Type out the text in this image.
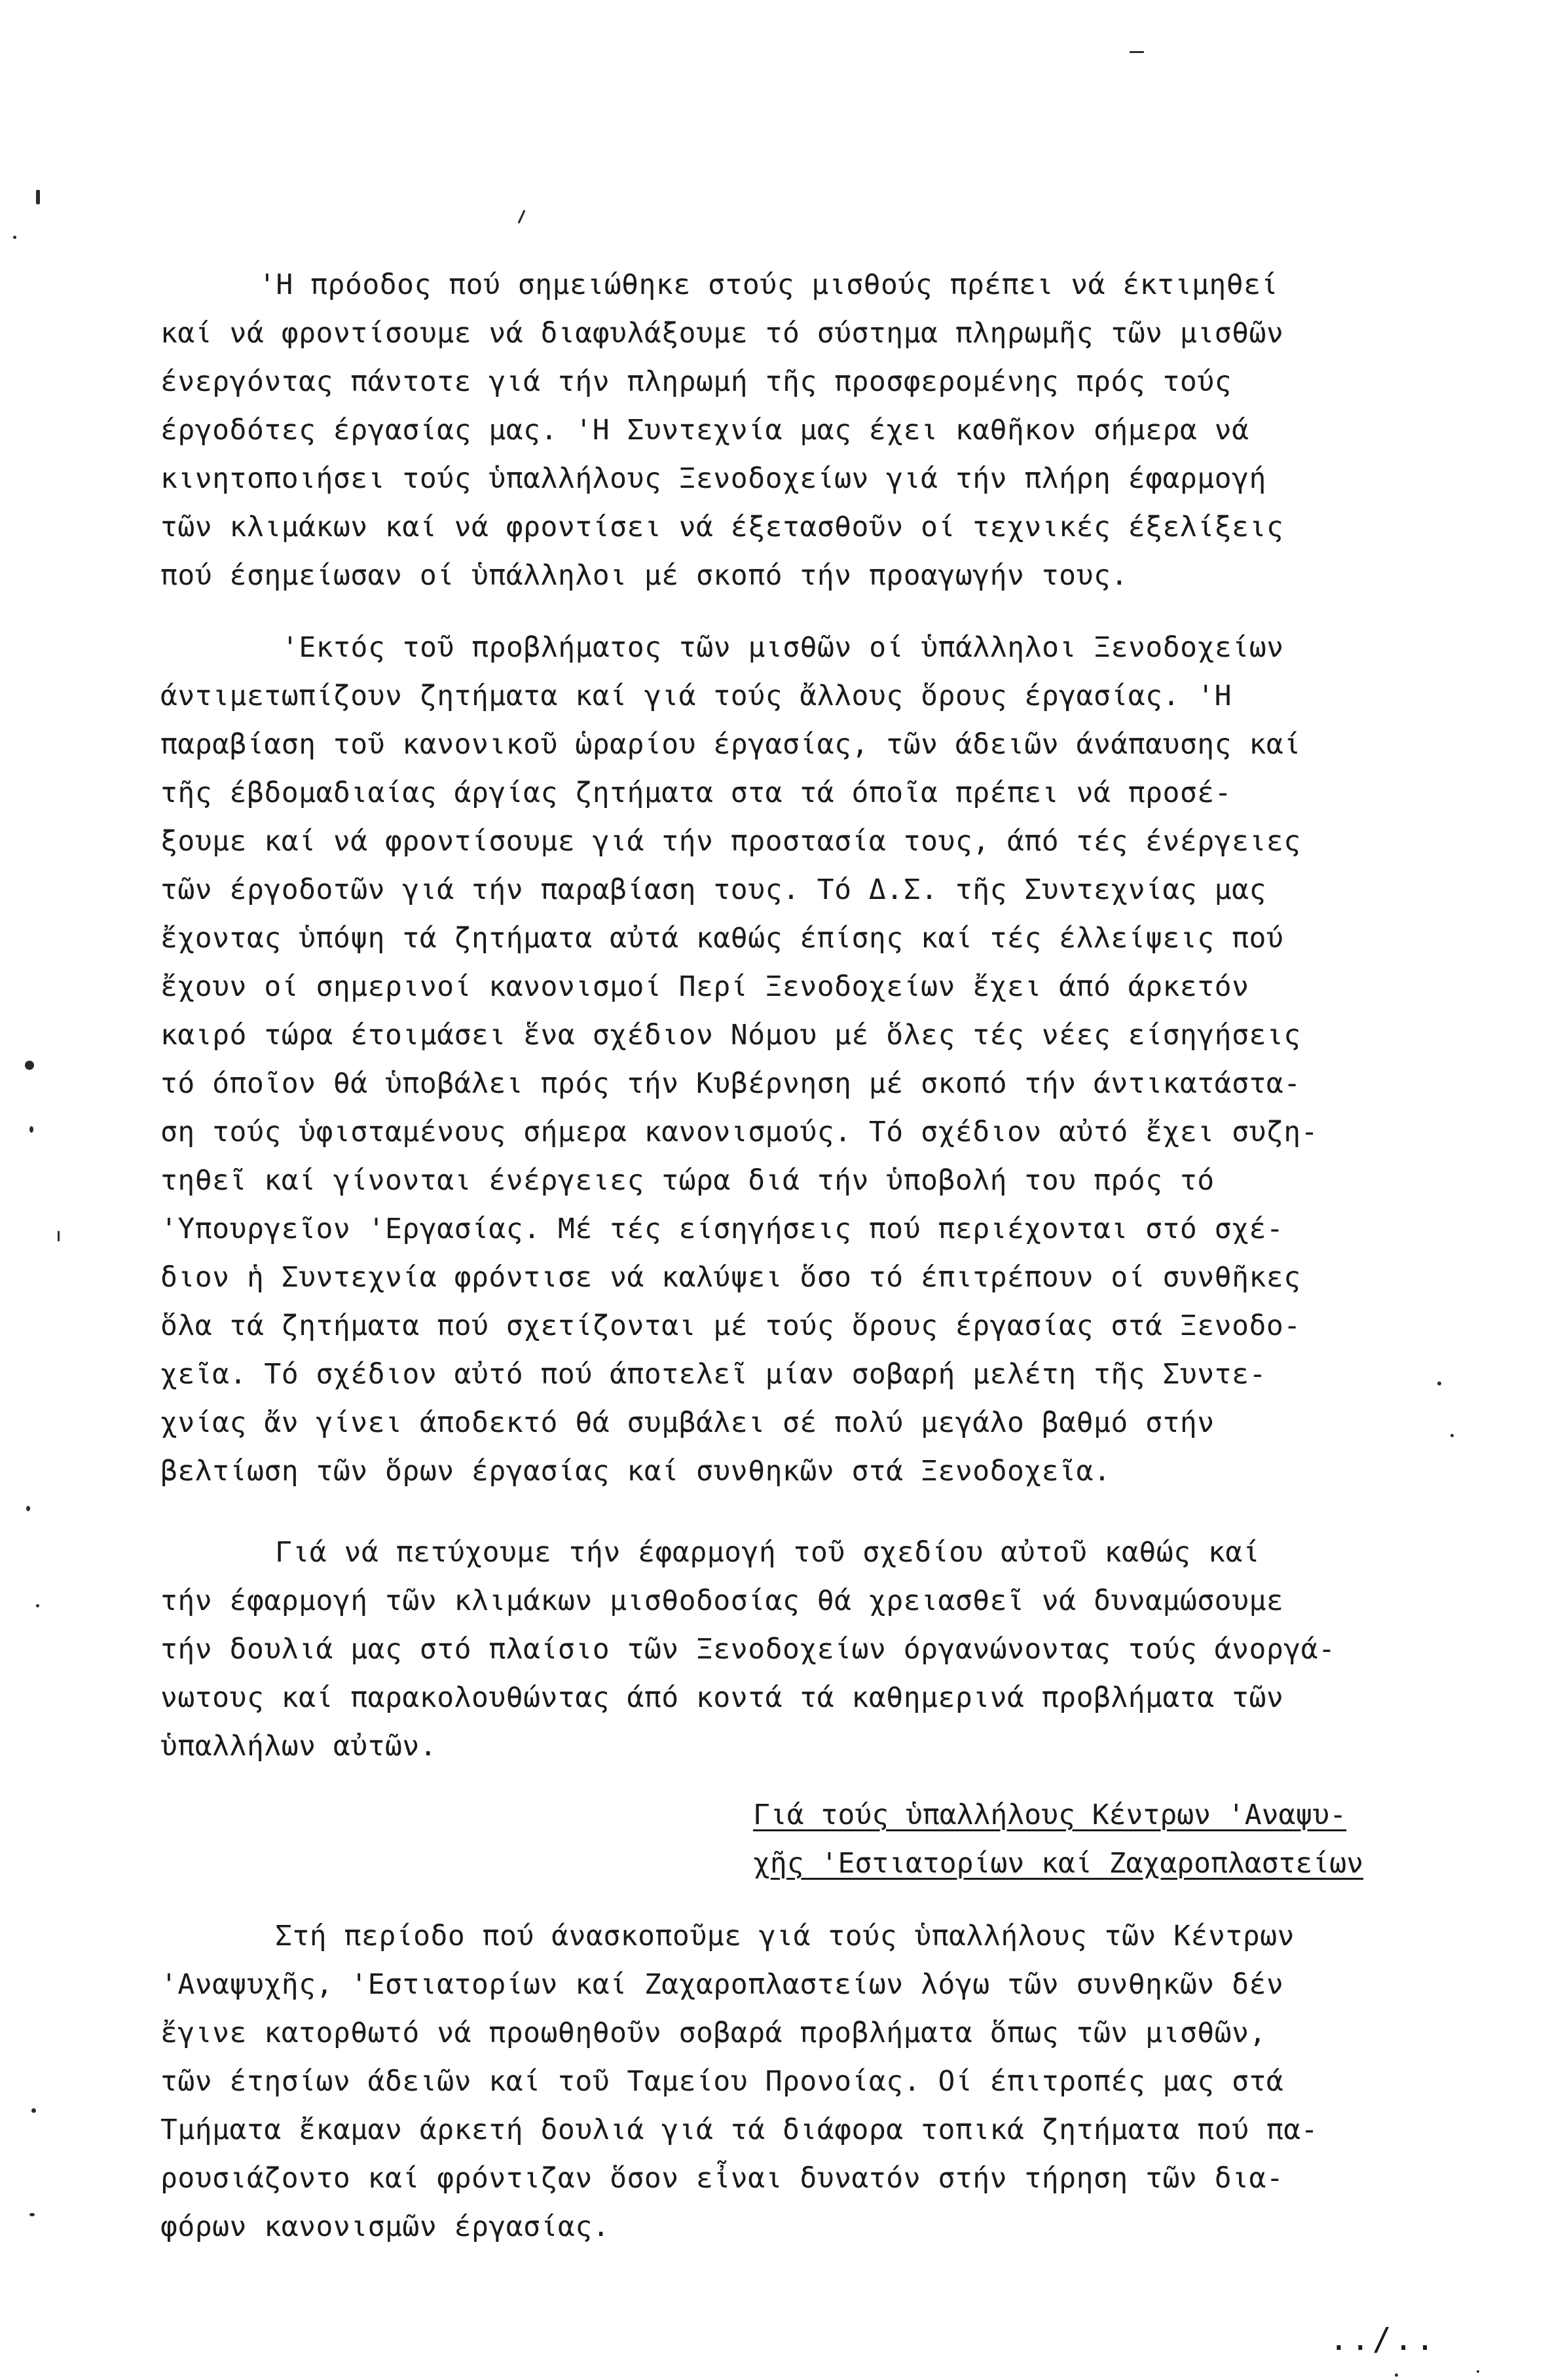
'Η πρόοδος πού σημειώθηκε στούς μισθούς πρέπει νά έκτιμηθεί
καί νά φροντίσουμε νά διαφυλάξουμε τό σύστημα πληρωμῆς τῶν μισθῶν
ένεργόντας πάντοτε γιά τήν πληρωμή τῆς προσφερομένης πρός τούς
έργοδότες έργασίας μας. 'Η Συντεχνία μας έχει καθῆκον σήμερα νά
κινητοποιήσει τούς ὑπαλλήλους Ξενοδοχείων γιά τήν πλήρη έφαρμογή
τῶν κλιμάκων καί νά φροντίσει νά έξετασθοῦν οί τεχνικές έξελίξεις
πού έσημείωσαν οί ὑπάλληλοι μέ σκοπό τήν προαγωγήν τους.
'Εκτός τοῦ προβλήματος τῶν μισθῶν οί ὑπάλληλοι Ξενοδοχείων
άντιμετωπίζουν ζητήματα καί γιά τούς ἄλλους ὅρους έργασίας. 'Η
παραβίαση τοῦ κανονικοῦ ὡραρίου έργασίας, τῶν άδειῶν άνάπαυσης καί
τῆς έβδομαδιαίας άργίας ζητήματα στα τά όποῖα πρέπει νά προσέ-
ξουμε καί νά φροντίσουμε γιά τήν προστασία τους, άπό τές ένέργειες
τῶν έργοδοτῶν γιά τήν παραβίαση τους. Τό Δ.Σ. τῆς Συντεχνίας μας
ἔχοντας ὑπόψη τά ζητήματα αὐτά καθώς έπίσης καί τές έλλείψεις πού
ἔχουν οί σημερινοί κανονισμοί Περί Ξενοδοχείων ἔχει άπό άρκετόν
καιρό τώρα έτοιμάσει ἕνα σχέδιον Νόμου μέ ὅλες τές νέες είσηγήσεις
τό όποῖον θά ὑποβάλει πρός τήν Κυβέρνηση μέ σκοπό τήν άντικατάστα-
ση τούς ὑφισταμένους σήμερα κανονισμούς. Τό σχέδιον αὐτό ἔχει συζη-
τηθεῖ καί γίνονται ένέργειες τώρα διά τήν ὑποβολή του πρός τό
'Υπουργεῖον 'Εργασίας. Μέ τές είσηγήσεις πού περιέχονται στό σχέ-
διον ἡ Συντεχνία φρόντισε νά καλύψει ὅσο τό έπιτρέπουν οί συνθῆκες
ὅλα τά ζητήματα πού σχετίζονται μέ τούς ὅρους έργασίας στά Ξενοδο-
χεῖα. Τό σχέδιον αὐτό πού άποτελεῖ μίαν σοβαρή μελέτη τῆς Συντε-
χνίας ἄν γίνει άποδεκτό θά συμβάλει σέ πολύ μεγάλο βαθμό στήν
βελτίωση τῶν ὅρων έργασίας καί συνθηκῶν στά Ξενοδοχεῖα.
Γιά νά πετύχουμε τήν έφαρμογή τοῦ σχεδίου αὐτοῦ καθώς καί
τήν έφαρμογή τῶν κλιμάκων μισθοδοσίας θά χρειασθεῖ νά δυναμώσουμε
τήν δουλιά μας στό πλαίσιο τῶν Ξενοδοχείων όργανώνοντας τούς άνοργά-
νωτους καί παρακολουθώντας άπό κοντά τά καθημερινά προβλήματα τῶν
ὑπαλλήλων αὐτῶν.
Γιά τούς ὑπαλλήλους Κέντρων 'Αναψυ-
χῆς 'Εστιατορίων καί Ζαχαροπλαστείων
Στή περίοδο πού άνασκοποῦμε γιά τούς ὑπαλλήλους τῶν Κέντρων
'Αναψυχῆς, 'Εστιατορίων καί Ζαχαροπλαστείων λόγω τῶν συνθηκῶν δέν
ἔγινε κατορθωτό νά προωθηθοῦν σοβαρά προβλήματα ὅπως τῶν μισθῶν,
τῶν έτησίων άδειῶν καί τοῦ Ταμείου Προνοίας. Οί έπιτροπές μας στά
Τμήματα ἔκαμαν άρκετή δουλιά γιά τά διάφορα τοπικά ζητήματα πού πα-
ρουσιάζοντο καί φρόντιζαν ὅσον εἶναι δυνατόν στήν τήρηση τῶν δια-
φόρων κανονισμῶν έργασίας.
../..
